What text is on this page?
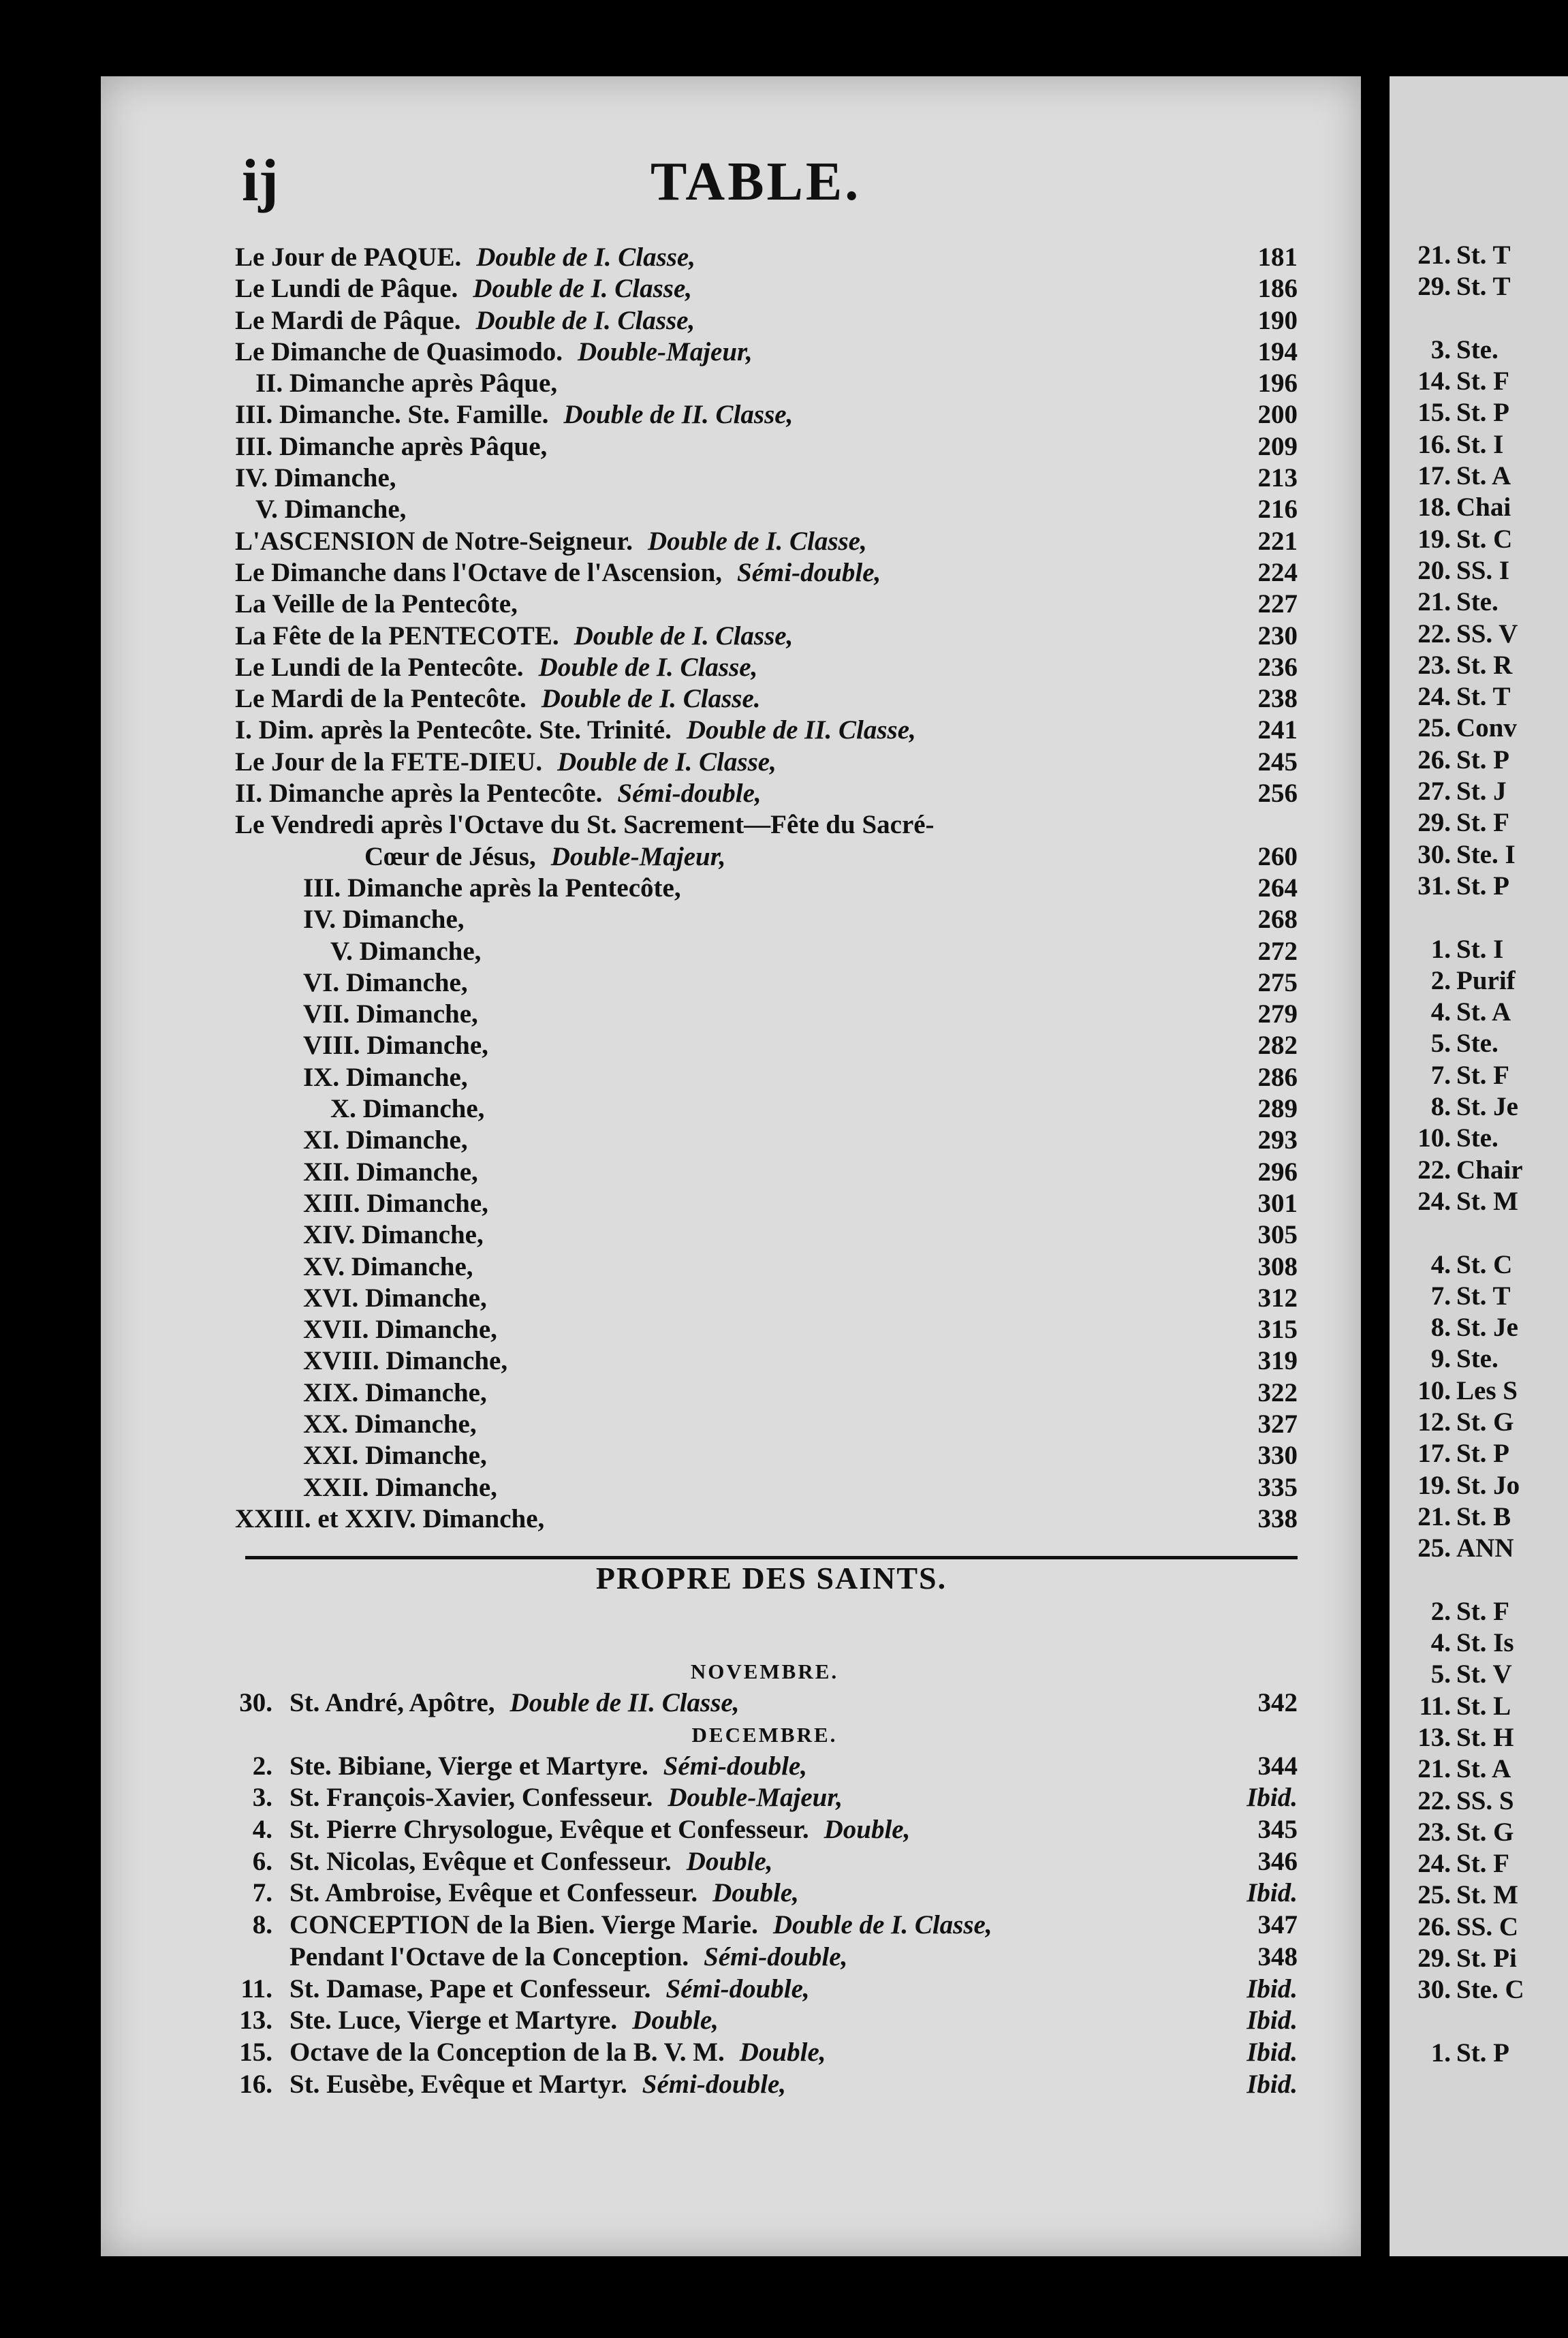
21. St. T
29. St. T
3. Ste.
14. St. F
15. St. P
16. St. I
17. St. A
18. Chai
19. St. C
20. SS. I
21. Ste.
22. SS. V
23. St. R
24. St. T
25. Conv
26. St. P
27. St. J
29. St. F
30. Ste. I
31. St. P
1. St. I
2. Purif
4. St. A
5. Ste.
7. St. F
8. St. Je
10. Ste.
22. Chair
24. St. M
4. St. C
7. St. T
8. St. Je
9. Ste.
10. Les S
12. St. G
17. St. P
19. St. Jo
21. St. B
25. ANN
2. St. F
4. St. Is
5. St. V
11. St. L
13. St. H
21. St. A
22. SS. S
23. St. G
24. St. F
25. St. M
26. SS. C
29. St. Pi
30. Ste. C
1. St. P
ij	TABLE.
Le Jour de PAQUE. Double de I. Classe,	181
Le Lundi de Pâque. Double de I. Classe,	186
Le Mardi de Pâque. Double de I. Classe,	190
Le Dimanche de Quasimodo. Double-Majeur,	194
II. Dimanche après Pâque,	196
III. Dimanche. Ste. Famille. Double de II. Classe,	200
III. Dimanche après Pâque,	209
IV. Dimanche,	213
V. Dimanche,	216
L'ASCENSION de Notre-Seigneur. Double de I. Classe,	221
Le Dimanche dans l'Octave de l'Ascension, Sémi-double,	224
La Veille de la Pentecôte,	227
La Fête de la PENTECOTE. Double de I. Classe,	230
Le Lundi de la Pentecôte. Double de I. Classe,	236
Le Mardi de la Pentecôte. Double de I. Classe.	238
I. Dim. après la Pentecôte. Ste. Trinité. Double de II. Classe,	241
Le Jour de la FETE-DIEU. Double de I. Classe,	245
II. Dimanche après la Pentecôte. Sémi-double,	256
Le Vendredi après l'Octave du St. Sacrement—Fête du Sacré-
Cœur de Jésus, Double-Majeur,	260
III. Dimanche après la Pentecôte,	264
IV. Dimanche,	268
V. Dimanche,	272
VI. Dimanche,	275
VII. Dimanche,	279
VIII. Dimanche,	282
IX. Dimanche,	286
X. Dimanche,	289
XI. Dimanche,	293
XII. Dimanche,	296
XIII. Dimanche,	301
XIV. Dimanche,	305
XV. Dimanche,	308
XVI. Dimanche,	312
XVII. Dimanche,	315
XVIII. Dimanche,	319
XIX. Dimanche,	322
XX. Dimanche,	327
XXI. Dimanche,	330
XXII. Dimanche,	335
XXIII. et XXIV. Dimanche,	338
PROPRE DES SAINTS.
NOVEMBRE.
30. St. André, Apôtre, Double de II. Classe,	342
DECEMBRE.
2. Ste. Bibiane, Vierge et Martyre. Sémi-double,	344
3. St. François-Xavier, Confesseur. Double-Majeur,	Ibid.
4. St. Pierre Chrysologue, Evêque et Confesseur. Double,	345
6. St. Nicolas, Evêque et Confesseur. Double,	346
7. St. Ambroise, Evêque et Confesseur. Double,	Ibid.
8. CONCEPTION de la Bien. Vierge Marie. Double de I. Classe,	347
Pendant l'Octave de la Conception. Sémi-double,	348
11. St. Damase, Pape et Confesseur. Sémi-double,	Ibid.
13. Ste. Luce, Vierge et Martyre. Double,	Ibid.
15. Octave de la Conception de la B. V. M. Double,	Ibid.
16. St. Eusèbe, Evêque et Martyr. Sémi-double,	Ibid.
